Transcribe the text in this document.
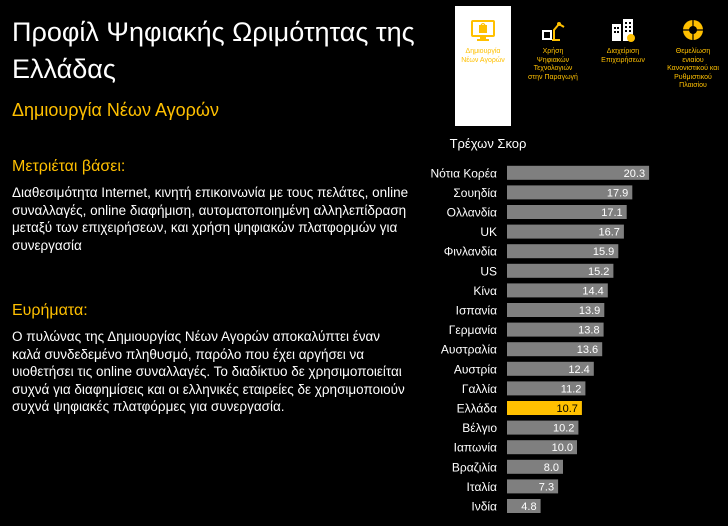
Προφίλ Ψηφιακής Ωριμότητας της Ελλάδας
Δημιουργία Νέων Αγορών
Δημιουργία Νέων Αγορών
Χρήση Ψηφιακών Τεχνολογιών στην Παραγωγή
Διαχείριση Επιχειρήσεων
Θεμελίωση ενιαίου Κανονιστικού και Ρυθμιστικού Πλαισίου
Μετριέται βάσει:
Διαθεσιμότητα Internet, κινητή επικοινωνία με τους πελάτες, online συναλλαγές, online διαφήμιση, αυτοματοποιημένη αλληλεπίδραση μεταξύ των επιχειρήσεων, και χρήση ψηφιακών πλατφορμών για συνεργασία
Ευρήματα:
Ο πυλώνας της Δημιουργίας Νέων Αγορών αποκαλύπτει έναν καλά συνδεδεμένο πληθυσμό, παρόλο που έχει αργήσει να υιοθετήσει τις online συναλλαγές. Το διαδίκτυο δε χρησιμοποιείται συχνά για διαφημίσεις και οι ελληνικές εταιρείες δε χρησιμοποιούν συχνά ψηφιακές πλατφόρμες για συνεργασία.
Τρέχων Σκορ
Νότια Κορέα	20.3
Σουηδία	17.9
Ολλανδία	17.1
UK	16.7
Φινλανδία	15.9
US	15.2
Κίνα	14.4
Ισπανία	13.9
Γερμανία	13.8
Αυστραλία	13.6
Αυστρία	12.4
Γαλλία	11.2
Ελλάδα	10.7
Βέλγιο	10.2
Ιαπωνία	10.0
Βραζιλία	8.0
Ιταλία	7.3
Ινδία 4.8
